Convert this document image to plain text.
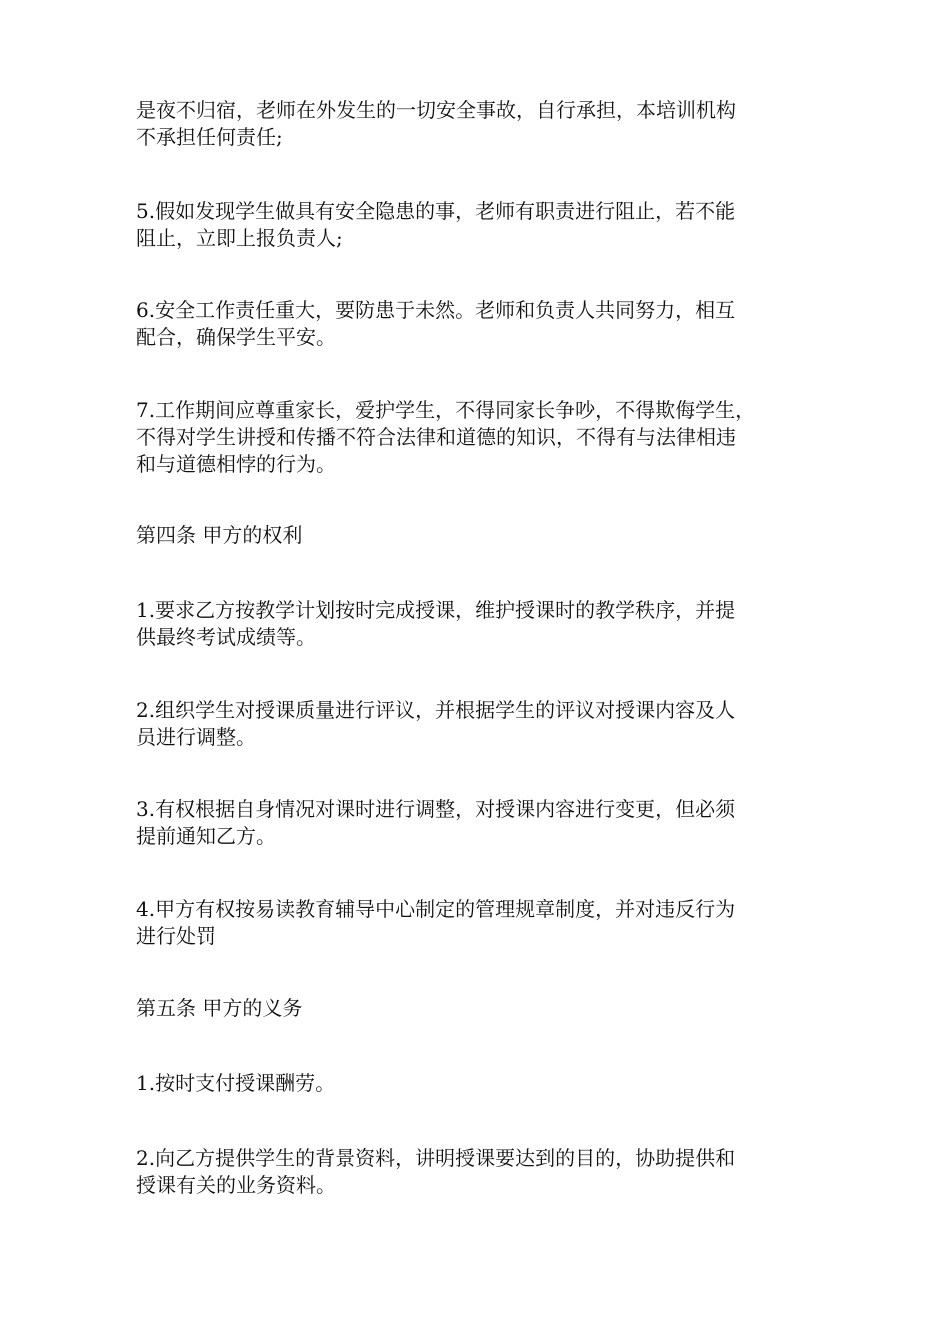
是夜不归宿，老师在外发生的一切安全事故，自行承担，本培训机构
不承担任何责任;

5.假如发现学生做具有安全隐患的事，老师有职责进行阻止，若不能
阻止，立即上报负责人;

6.安全工作责任重大，要防患于未然。老师和负责人共同努力，相互
配合，确保学生平安。

7.工作期间应尊重家长，爱护学生，不得同家长争吵，不得欺侮学生，
不得对学生讲授和传播不符合法律和道德的知识，不得有与法律相违
和与道德相悖的行为。

第四条 甲方的权利

1.要求乙方按教学计划按时完成授课，维护授课时的教学秩序，并提
供最终考试成绩等。

2.组织学生对授课质量进行评议，并根据学生的评议对授课内容及人
员进行调整。

3.有权根据自身情况对课时进行调整，对授课内容进行变更，但必须
提前通知乙方。

4.甲方有权按易读教育辅导中心制定的管理规章制度，并对违反行为
进行处罚

第五条 甲方的义务

1.按时支付授课酬劳。

2.向乙方提供学生的背景资料，讲明授课要达到的目的，协助提供和
授课有关的业务资料。
